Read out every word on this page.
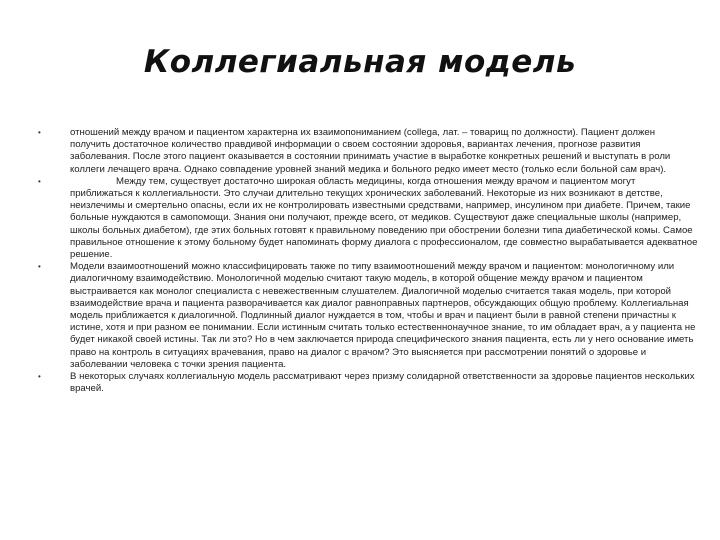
Коллегиальная модель
•	отношений между врачом и пациентом характерна их взаимопониманием (collega, лат. – товарищ по должности). Пациент должен получить достаточное количество правдивой информации о своем состоянии здоровья, вариантах лечения, прогнозе развития заболевания. После этого пациент оказывается в состоянии принимать участие в выработке конкретных решений и выступать в роли коллеги лечащего врача. Однако совпадение уровней знаний медика и больного редко имеет место (только если больной сам врач).
•	Между тем, существует достаточно широкая область медицины, когда отношения между врачом и пациентом могут приближаться к коллегиальности. Это случаи длительно текущих хронических заболеваний. Некоторые из них возникают в детстве, неизлечимы и смертельно опасны, если их не контролировать известными средствами, например, инсулином при диабете. Причем, такие больные нуждаются в самопомощи. Знания они получают, прежде всего, от медиков. Существуют даже специальные школы (например, школы больных диабетом), где этих больных готовят к правильному поведению при обострении болезни типа диабетической комы. Самое правильное отношение к этому больному будет напоминать форму диалога с профессионалом, где совместно вырабатывается адекватное решение.
•	Модели взаимоотношений можно классифицировать также по типу взаимоотношений между врачом и пациентом: монологичному или диалогичному взаимодействию. Монологичной моделью считают такую модель, в которой общение между врачом и пациентом выстраивается как монолог специалиста с невежественным слушателем. Диалогичной моделью считается такая модель, при которой взаимодействие врача и пациента разворачивается как диалог равноправных партнеров, обсуждающих общую проблему. Коллегиальная модель приближается к диалогичной. Подлинный диалог нуждается в том, чтобы и врач и пациент были в равной степени причастны к истине, хотя и при разном ее понимании. Если истинным считать только естественнонаучное знание, то им обладает врач, а у пациента не будет никакой своей истины. Так ли это? Но в чем заключается природа специфического знания пациента, есть ли у него основание иметь право на контроль в ситуациях врачевания, право на диалог с врачом? Это выясняется при рассмотрении понятий о здоровье и заболевании человека с точки зрения пациента.
•	В некоторых случаях коллегиальную модель рассматривают через призму солидарной ответственности за здоровье пациентов нескольких врачей.
